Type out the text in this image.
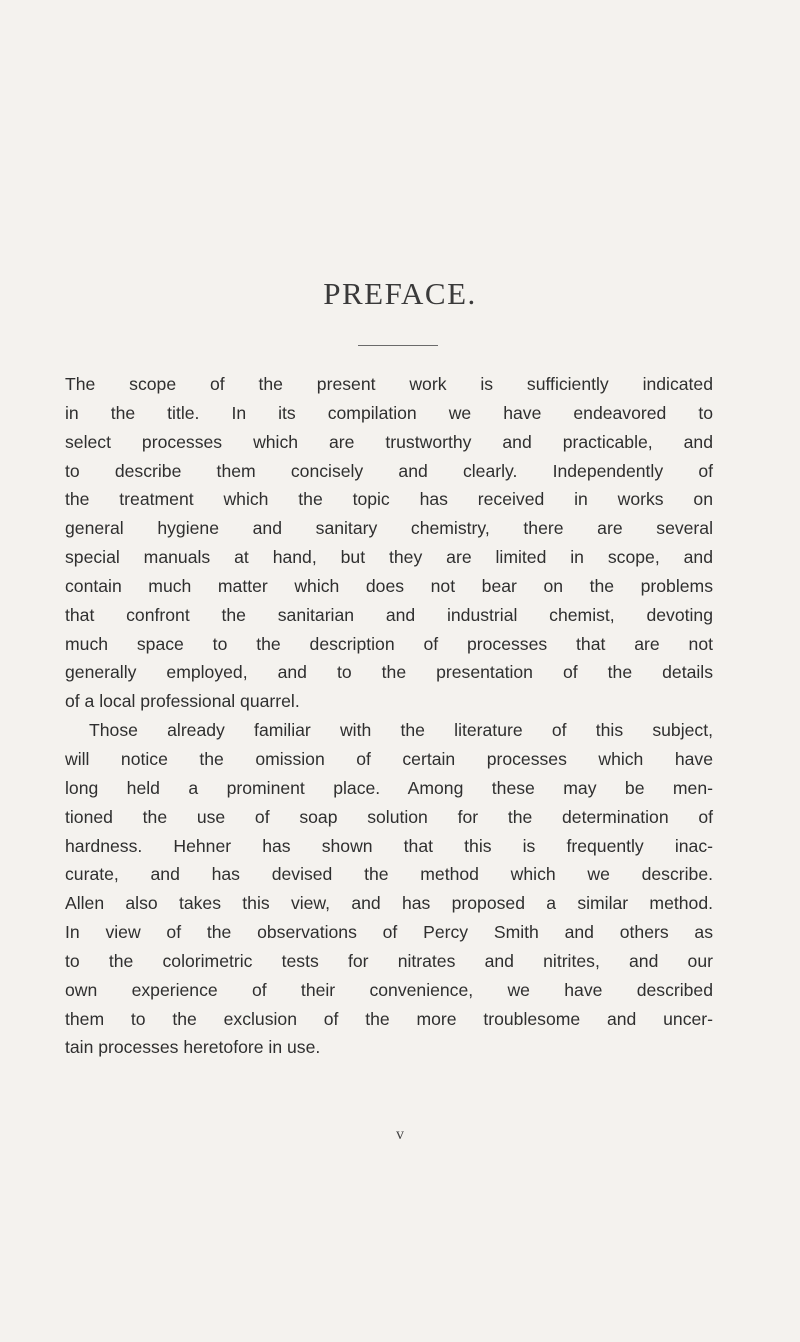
PREFACE.

The scope of the present work is sufficiently indicated
in the title. In its compilation we have endeavored to
select processes which are trustworthy and practicable, and
to describe them concisely and clearly. Independently of
the treatment which the topic has received in works on
general hygiene and sanitary chemistry, there are several
special manuals at hand, but they are limited in scope, and
contain much matter which does not bear on the problems
that confront the sanitarian and industrial chemist, devoting
much space to the description of processes that are not
generally employed, and to the presentation of the details
of a local professional quarrel.

Those already familiar with the literature of this subject,
will notice the omission of certain processes which have
long held a prominent place. Among these may be men-
tioned the use of soap solution for the determination of
hardness. Hehner has shown that this is frequently inac-
curate, and has devised the method which we describe.
Allen also takes this view, and has proposed a similar method.
In view of the observations of Percy Smith and others as
to the colorimetric tests for nitrates and nitrites, and our
own experience of their convenience, we have described
them to the exclusion of the more troublesome and uncer-
tain processes heretofore in use.

v
